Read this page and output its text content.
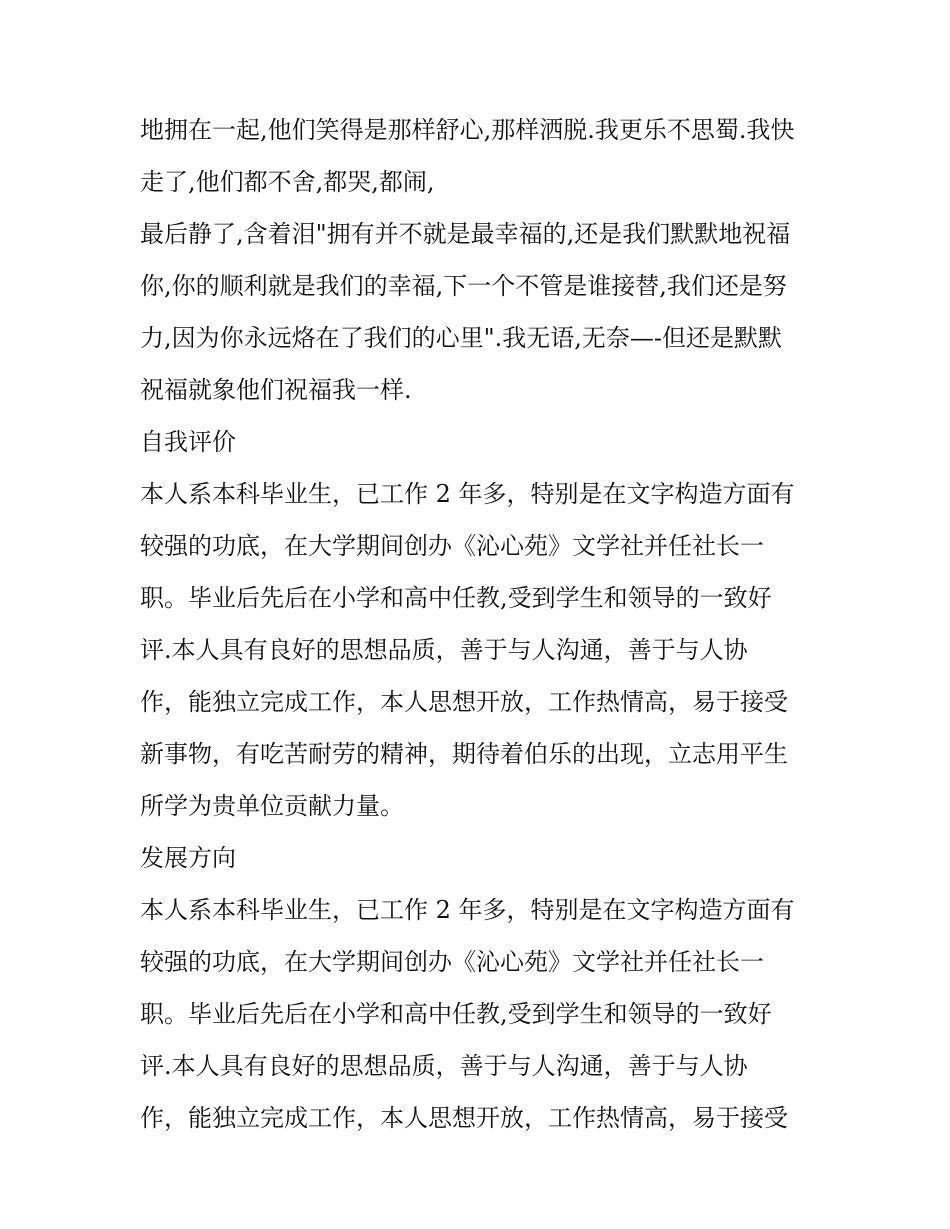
地拥在一起,他们笑得是那样舒心,那样洒脱.我更乐不思蜀.我快
走了,他们都不舍,都哭,都闹,
最后静了,含着泪"拥有并不就是最幸福的,还是我们默默地祝福
你,你的顺利就是我们的幸福,下一个不管是谁接替,我们还是努
力,因为你永远烙在了我们的心里".我无语,无奈—-但还是默默
祝福就象他们祝福我一样.
自我评价
本人系本科毕业生，已工作 2 年多，特别是在文字构造方面有
较强的功底，在大学期间创办《沁心苑》文学社并任社长一
职。毕业后先后在小学和高中任教,受到学生和领导的一致好
评.本人具有良好的思想品质，善于与人沟通，善于与人协
作，能独立完成工作，本人思想开放，工作热情高，易于接受
新事物，有吃苦耐劳的精神，期待着伯乐的出现，立志用平生
所学为贵单位贡献力量。
发展方向
本人系本科毕业生，已工作 2 年多，特别是在文字构造方面有
较强的功底，在大学期间创办《沁心苑》文学社并任社长一
职。毕业后先后在小学和高中任教,受到学生和领导的一致好
评.本人具有良好的思想品质，善于与人沟通，善于与人协
作，能独立完成工作，本人思想开放，工作热情高，易于接受
